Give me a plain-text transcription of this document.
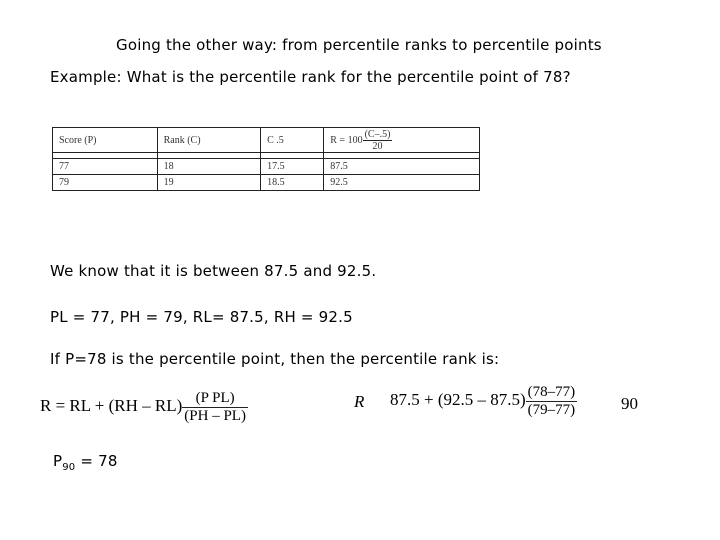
Going the other way: from percentile ranks to percentile points
Example: What is the percentile rank for the percentile point of 78?
Score (P)	Rank (C)	C .5	$R = 100 \frac{(C-.5)}{20}$

77	18	17.5	87.5
79	19	18.5	92.5
We know that it is between 87.5 and 92.5.
PL = 77, PH = 79, RL= 87.5, RH = 92.5
If P=78 is the percentile point, then the percentile rank is:
R = RL + $(RH - RL) \frac{\text{(P PL)}}{(PH - PL)}$	R $87.5 + (92.5 - 87.5) \frac{(78-77)}{(79-77)}$	90
$P_{90} = 78$
